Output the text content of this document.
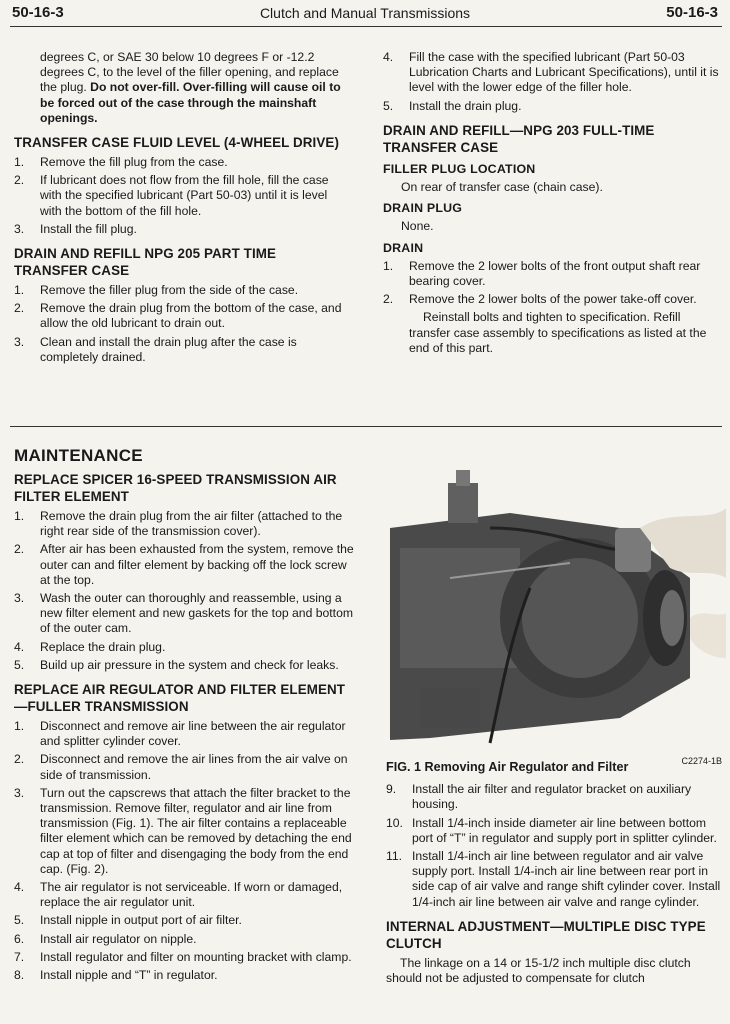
50-16-3	Clutch and Manual Transmissions	50-16-3
degrees C, or SAE 30 below 10 degrees F or -12.2 degrees C, to the level of the filler opening, and replace the plug. Do not over-fill. Over-filling will cause oil to be forced out of the case through the mainshaft openings.
TRANSFER CASE FLUID LEVEL (4-WHEEL DRIVE)
1.	Remove the fill plug from the case.
2.	If lubricant does not flow from the fill hole, fill the case with the specified lubricant (Part 50-03) until it is level with the bottom of the fill hole.
3.	Install the fill plug.
DRAIN AND REFILL NPG 205 PART TIME TRANSFER CASE
1.	Remove the filler plug from the side of the case.
2.	Remove the drain plug from the bottom of the case, and allow the old lubricant to drain out.
3.	Clean and install the drain plug after the case is completely drained.
4.	Fill the case with the specified lubricant (Part 50-03 Lubrication Charts and Lubricant Specifications), until it is level with the lower edge of the filler hole.
5.	Install the drain plug.
DRAIN AND REFILL—NPG 203 FULL-TIME TRANSFER CASE
FILLER PLUG LOCATION
On rear of transfer case (chain case).
DRAIN PLUG
None.
DRAIN
1.	Remove the 2 lower bolts of the front output shaft rear bearing cover.
2.	Remove the 2 lower bolts of the power take-off cover.
Reinstall bolts and tighten to specification. Refill transfer case assembly to specifications as listed at the end of this part.
MAINTENANCE
REPLACE SPICER 16-SPEED TRANSMISSION AIR FILTER ELEMENT
1.	Remove the drain plug from the air filter (attached to the right rear side of the transmission cover).
2.	After air has been exhausted from the system, remove the outer can and filter element by backing off the lock screw at the top.
3.	Wash the outer can thoroughly and reassemble, using a new filter element and new gaskets for the top and bottom of the outer cam.
4.	Replace the drain plug.
5.	Build up air pressure in the system and check for leaks.
REPLACE AIR REGULATOR AND FILTER ELEMENT—FULLER TRANSMISSION
1.	Disconnect and remove air line between the air regulator and splitter cylinder cover.
2.	Disconnect and remove the air lines from the air valve on side of transmission.
3.	Turn out the capscrews that attach the filter bracket to the transmission. Remove filter, regulator and air line from transmission (Fig. 1). The air filter contains a replaceable filter element which can be removed by detaching the end cap at top of filter and disengaging the body from the end cap. (Fig. 2).
4.	The air regulator is not serviceable. If worn or damaged, replace the air regulator unit.
5.	Install nipple in output port of air filter.
6.	Install air regulator on nipple.
7.	Install regulator and filter on mounting bracket with clamp.
8.	Install nipple and “T” in regulator.
C2274-1B
FIG. 1 Removing Air Regulator and Filter
9.	Install the air filter and regulator bracket on auxiliary housing.
10. Install 1/4-inch inside diameter air line between bottom port of “T” in regulator and supply port in splitter cylinder.
11. Install 1/4-inch air line between regulator and air valve supply port. Install 1/4-inch air line between rear port in side cap of air valve and range shift cylinder cover. Install 1/4-inch air line between air valve and range cylinder.
INTERNAL ADJUSTMENT—MULTIPLE DISC TYPE CLUTCH
The linkage on a 14 or 15-1/2 inch multiple disc clutch should not be adjusted to compensate for clutch
